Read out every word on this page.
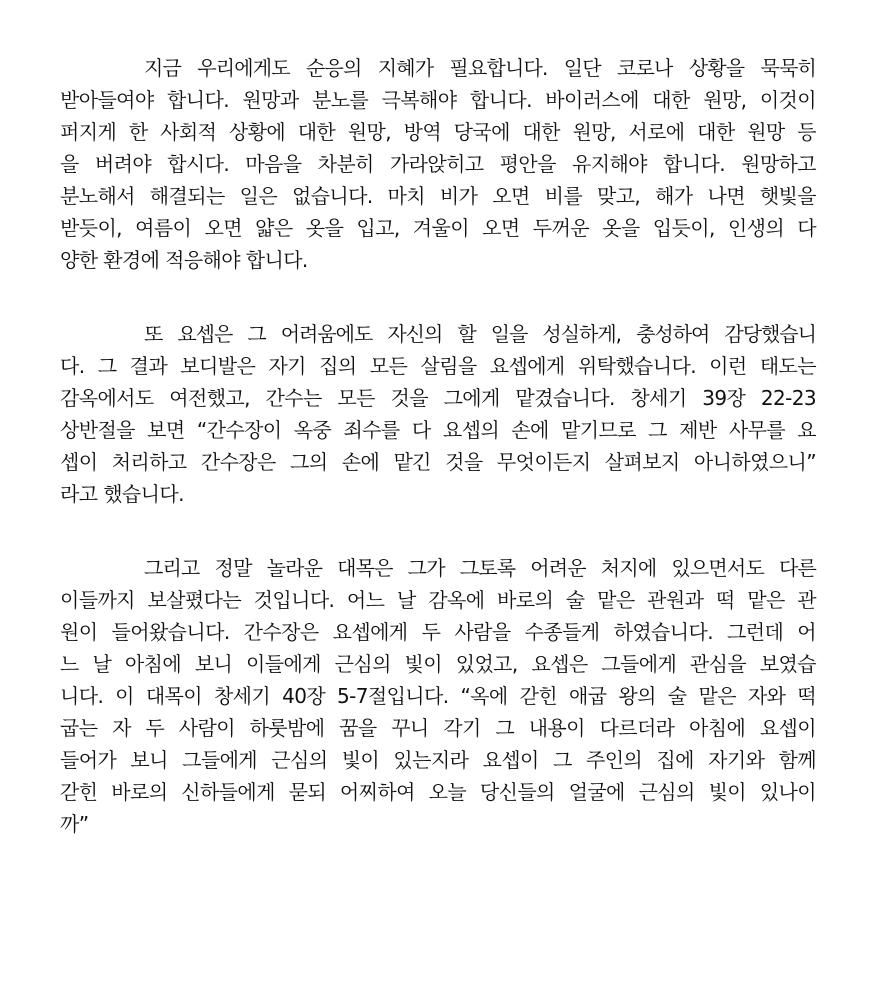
지금 우리에게도 순응의 지혜가 필요합니다. 일단 코로나 상황을 묵묵히
받아들여야 합니다. 원망과 분노를 극복해야 합니다. 바이러스에 대한 원망, 이것이
퍼지게 한 사회적 상황에 대한 원망, 방역 당국에 대한 원망, 서로에 대한 원망 등
을 버려야 합시다. 마음을 차분히 가라앉히고 평안을 유지해야 합니다. 원망하고
분노해서 해결되는 일은 없습니다. 마치 비가 오면 비를 맞고, 해가 나면 햇빛을
받듯이, 여름이 오면 얇은 옷을 입고, 겨울이 오면 두꺼운 옷을 입듯이, 인생의 다
양한 환경에 적응해야 합니다.

또 요셉은 그 어려움에도 자신의 할 일을 성실하게, 충성하여 감당했습니
다. 그 결과 보디발은 자기 집의 모든 살림을 요셉에게 위탁했습니다. 이런 태도는
감옥에서도 여전했고, 간수는 모든 것을 그에게 맡겼습니다. 창세기 39장 22-23
상반절을 보면 “간수장이 옥중 죄수를 다 요셉의 손에 맡기므로 그 제반 사무를 요
셉이 처리하고 간수장은 그의 손에 맡긴 것을 무엇이든지 살펴보지 아니하였으니”
라고 했습니다.

그리고 정말 놀라운 대목은 그가 그토록 어려운 처지에 있으면서도 다른
이들까지 보살폈다는 것입니다. 어느 날 감옥에 바로의 술 맡은 관원과 떡 맡은 관
원이 들어왔습니다. 간수장은 요셉에게 두 사람을 수종들게 하였습니다. 그런데 어
느 날 아침에 보니 이들에게 근심의 빛이 있었고, 요셉은 그들에게 관심을 보였습
니다. 이 대목이 창세기 40장 5-7절입니다. “옥에 갇힌 애굽 왕의 술 맡은 자와 떡
굽는 자 두 사람이 하룻밤에 꿈을 꾸니 각기 그 내용이 다르더라 아침에 요셉이
들어가 보니 그들에게 근심의 빛이 있는지라 요셉이 그 주인의 집에 자기와 함께
갇힌 바로의 신하들에게 묻되 어찌하여 오늘 당신들의 얼굴에 근심의 빛이 있나이
까”
